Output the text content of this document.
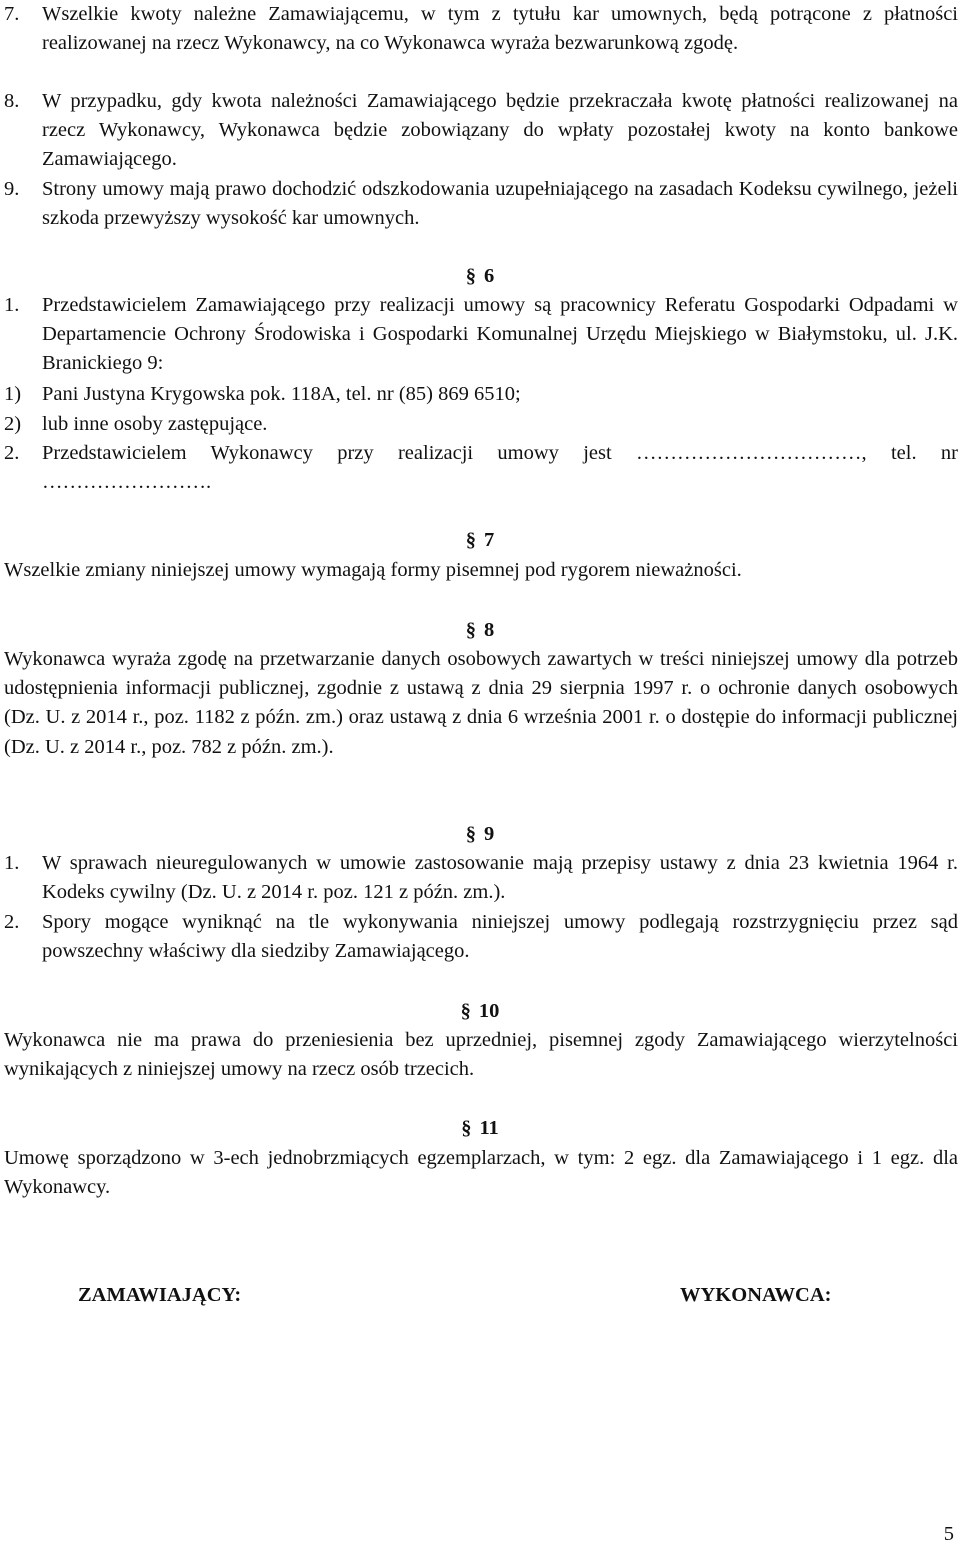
7.	Wszelkie kwoty należne Zamawiającemu, w tym z tytułu kar umownych, będą potrącone z płatności realizowanej na rzecz Wykonawcy, na co Wykonawca wyraża bezwarunkową zgodę.
8.	W przypadku, gdy kwota należności Zamawiającego będzie przekraczała kwotę płatności realizowanej na rzecz Wykonawcy, Wykonawca będzie zobowiązany do wpłaty pozostałej kwoty na konto bankowe Zamawiającego.
9.	Strony umowy mają prawo dochodzić odszkodowania uzupełniającego na zasadach Kodeksu cywilnego, jeżeli szkoda przewyższy wysokość kar umownych.

§ 6

1.	Przedstawicielem Zamawiającego przy realizacji umowy są pracownicy Referatu Gospodarki Odpadami w Departamencie Ochrony Środowiska i Gospodarki Komunalnej Urzędu Miejskiego w Białymstoku, ul. J.K. Branickiego 9:
1)	Pani Justyna Krygowska pok. 118A, tel. nr (85) 869 6510;
2)	lub inne osoby zastępujące.
2.	Przedstawicielem Wykonawcy przy realizacji umowy jest ……………………………, tel. nr …………………….

§ 7

Wszelkie zmiany niniejszej umowy wymagają formy pisemnej pod rygorem nieważności.

§ 8

Wykonawca wyraża zgodę na przetwarzanie danych osobowych zawartych w treści niniejszej umowy dla potrzeb udostępnienia informacji publicznej, zgodnie z ustawą z dnia 29 sierpnia 1997 r. o ochronie danych osobowych (Dz. U. z 2014 r., poz. 1182 z późn. zm.) oraz ustawą z dnia 6 września 2001 r. o dostępie do informacji publicznej (Dz. U. z 2014 r., poz. 782 z późn. zm.).

§ 9

1.	W sprawach nieuregulowanych w umowie zastosowanie mają przepisy ustawy z dnia 23 kwietnia 1964 r. Kodeks cywilny (Dz. U. z 2014 r. poz. 121 z późn. zm.).
2.	Spory mogące wyniknąć na tle wykonywania niniejszej umowy podlegają rozstrzygnięciu przez sąd powszechny właściwy dla siedziby Zamawiającego.

§ 10

Wykonawca nie ma prawa do przeniesienia bez uprzedniej, pisemnej zgody Zamawiającego wierzytelności wynikających z niniejszej umowy na rzecz osób trzecich.

§ 11

Umowę sporządzono w 3-ech jednobrzmiących egzemplarzach, w tym: 2 egz. dla Zamawiającego i 1 egz. dla Wykonawcy.

ZAMAWIAJĄCY:	WYKONAWCA:

5
